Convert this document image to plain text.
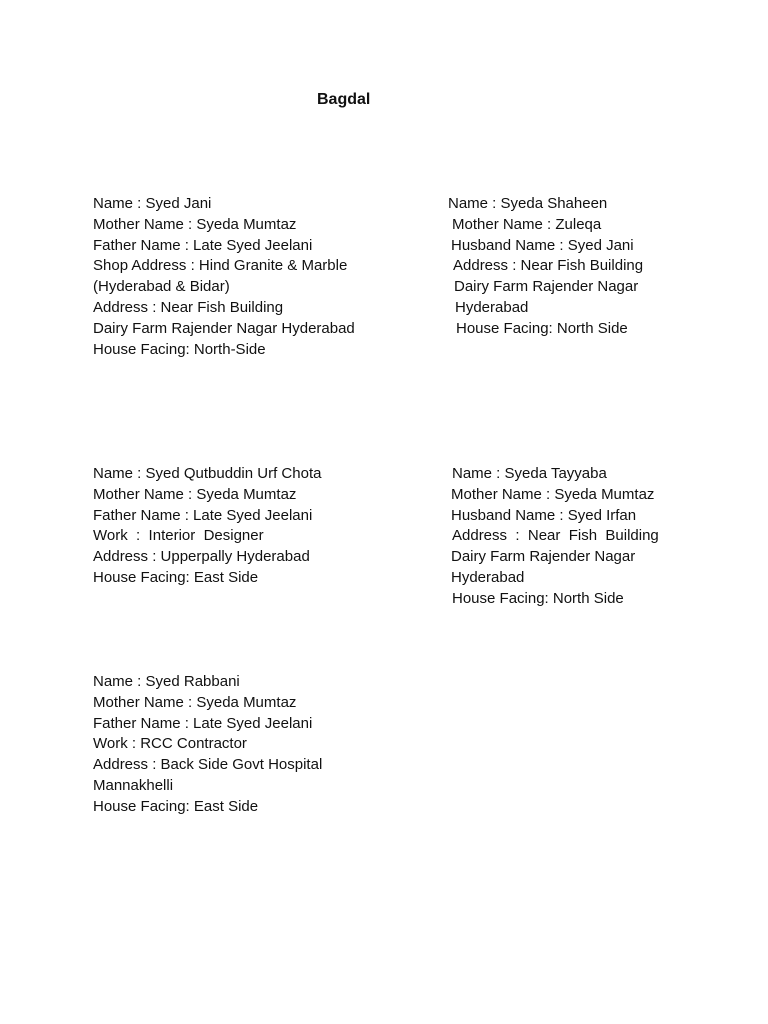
Bagdal
Name : Syed Jani
Mother Name : Syeda Mumtaz
Father Name : Late Syed Jeelani
Shop Address : Hind Granite & Marble
(Hyderabad & Bidar)
Address : Near Fish Building
Dairy Farm Rajender Nagar Hyderabad
House Facing: North-Side
Name : Syeda Shaheen
Mother Name : Zuleqa
Husband Name : Syed Jani
Address : Near Fish Building
Dairy Farm Rajender Nagar
Hyderabad
House Facing: North Side
Name : Syed Qutbuddin Urf Chota
Mother Name : Syeda Mumtaz
Father Name : Late Syed Jeelani
Work  :  Interior  Designer
Address : Upperpally Hyderabad
House Facing: East Side
Name : Syeda Tayyaba
Mother Name : Syeda Mumtaz
Husband Name : Syed Irfan
Address  :  Near  Fish  Building
Dairy Farm Rajender Nagar
Hyderabad
House Facing: North Side
Name : Syed Rabbani
Mother Name : Syeda Mumtaz
Father Name : Late Syed Jeelani
Work : RCC Contractor
Address : Back Side Govt Hospital
Mannakhelli
House Facing: East Side
